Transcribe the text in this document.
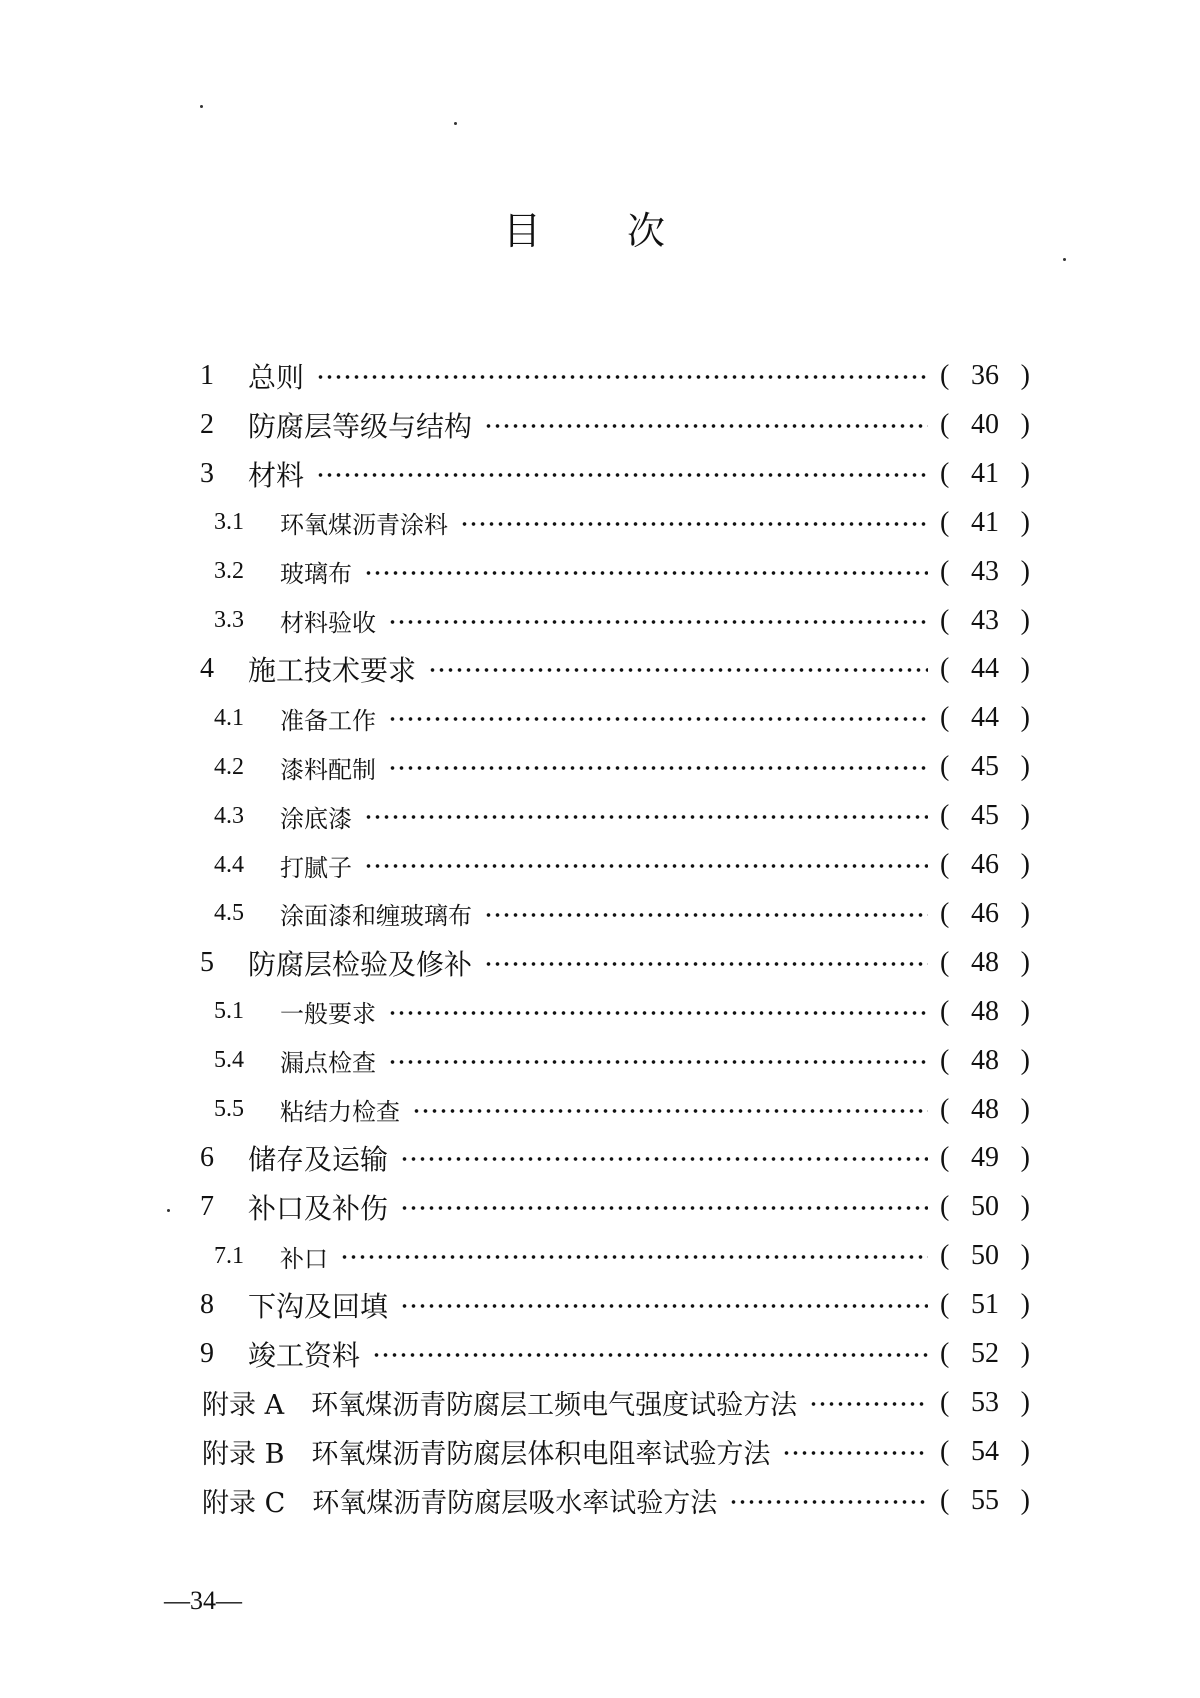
目 次
1 总则	( 36 )
2 防腐层等级与结构	( 40 )
3 材料	( 41 )
3.1 环氧煤沥青涂料	( 41 )
3.2 玻璃布	( 43 )
3.3 材料验收	( 43 )
4 施工技术要求	( 44 )
4.1 准备工作	( 44 )
4.2 漆料配制	( 45 )
4.3 涂底漆	( 45 )
4.4 打腻子	( 46 )
4.5 涂面漆和缠玻璃布	( 46 )
5 防腐层检验及修补	( 48 )
5.1 一般要求	( 48 )
5.4 漏点检查	( 48 )
5.5 粘结力检查	( 48 )
6 储存及运输	( 49 )
7 补口及补伤	( 50 )
7.1 补口	( 50 )
8 下沟及回填	( 51 )
9 竣工资料	( 52 )
附录 A　环氧煤沥青防腐层工频电气强度试验方法	( 53 )
附录 B　环氧煤沥青防腐层体积电阻率试验方法	( 54 )
附录 C　环氧煤沥青防腐层吸水率试验方法	( 55 )
—34—
